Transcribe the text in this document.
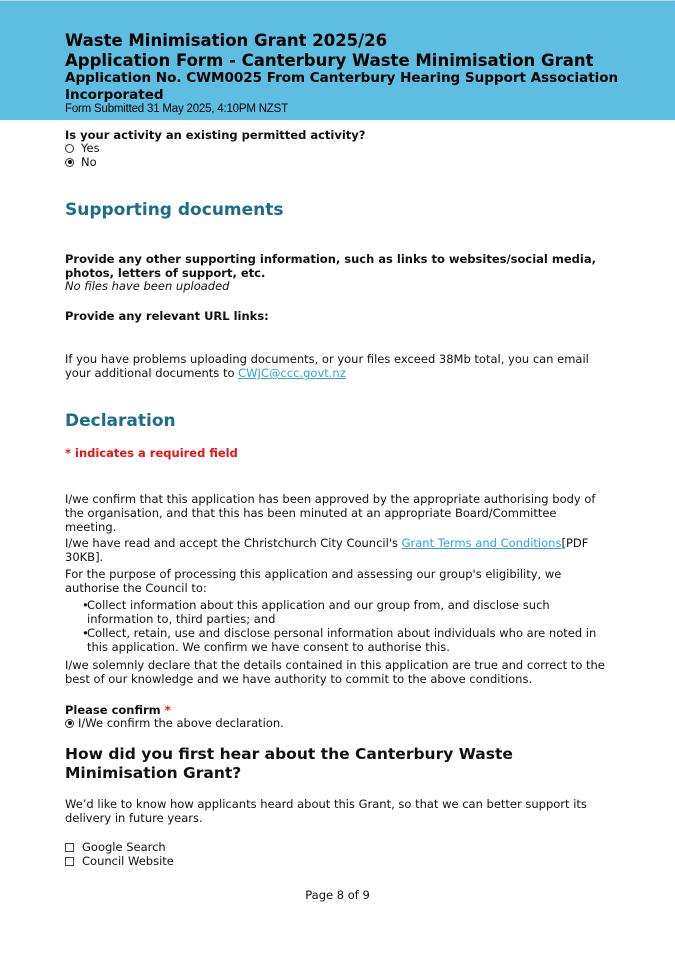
Waste Minimisation Grant 2025/26
Application Form - Canterbury Waste Minimisation Grant
Application No. CWM0025 From Canterbury Hearing Support Association Incorporated
Form Submitted 31 May 2025, 4:10PM NZST
Is your activity an existing permitted activity?
Yes
No
Supporting documents
Provide any other supporting information, such as links to websites/social media, photos, letters of support, etc.
No files have been uploaded
Provide any relevant URL links:
If you have problems uploading documents, or your files exceed 38Mb total, you can email your additional documents to CWJC@ccc.govt.nz
Declaration
* indicates a required field
I/we confirm that this application has been approved by the appropriate authorising body of the organisation, and that this has been minuted at an appropriate Board/Committee meeting.
I/we have read and accept the Christchurch City Council's Grant Terms and Conditions[PDF 30KB].
For the purpose of processing this application and assessing our group's eligibility, we authorise the Council to:
•
Collect information about this application and our group from, and disclose such information to, third parties; and
•
Collect, retain, use and disclose personal information about individuals who are noted in this application. We confirm we have consent to authorise this.
I/we solemnly declare that the details contained in this application are true and correct to the best of our knowledge and we have authority to commit to the above conditions.
Please confirm *
I/We confirm the above declaration.
How did you first hear about the Canterbury Waste Minimisation Grant?
We’d like to know how applicants heard about this Grant, so that we can better support its delivery in future years.
Google Search
Council Website
Page 8 of 9
